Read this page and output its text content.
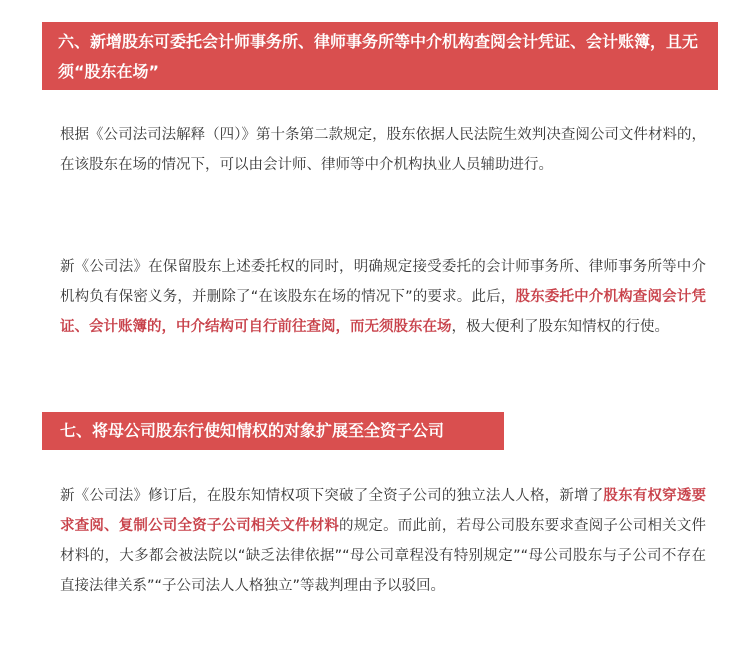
六、新增股东可委托会计师事务所、律师事务所等中介机构查阅会计凭证、会计账簿，且无须“股东在场”

根据《公司法司法解释（四）》第十条第二款规定，股东依据人民法院生效判决查阅公司文件材料的，在该股东在场的情况下，可以由会计师、律师等中介机构执业人员辅助进行。

新《公司法》在保留股东上述委托权的同时，明确规定接受委托的会计师事务所、律师事务所等中介机构负有保密义务，并删除了“在该股东在场的情况下”的要求。此后，股东委托中介机构查阅会计凭证、会计账簿的，中介结构可自行前往查阅，而无须股东在场，极大便利了股东知情权的行使。

七、将母公司股东行使知情权的对象扩展至全资子公司

新《公司法》修订后，在股东知情权项下突破了全资子公司的独立法人人格，新增了股东有权穿透要求查阅、复制公司全资子公司相关文件材料的规定。而此前，若母公司股东要求查阅子公司相关文件材料的，大多都会被法院以“缺乏法律依据”“母公司章程没有特别规定”“母公司股东与子公司不存在直接法律关系”“子公司法人人格独立”等裁判理由予以驳回。
